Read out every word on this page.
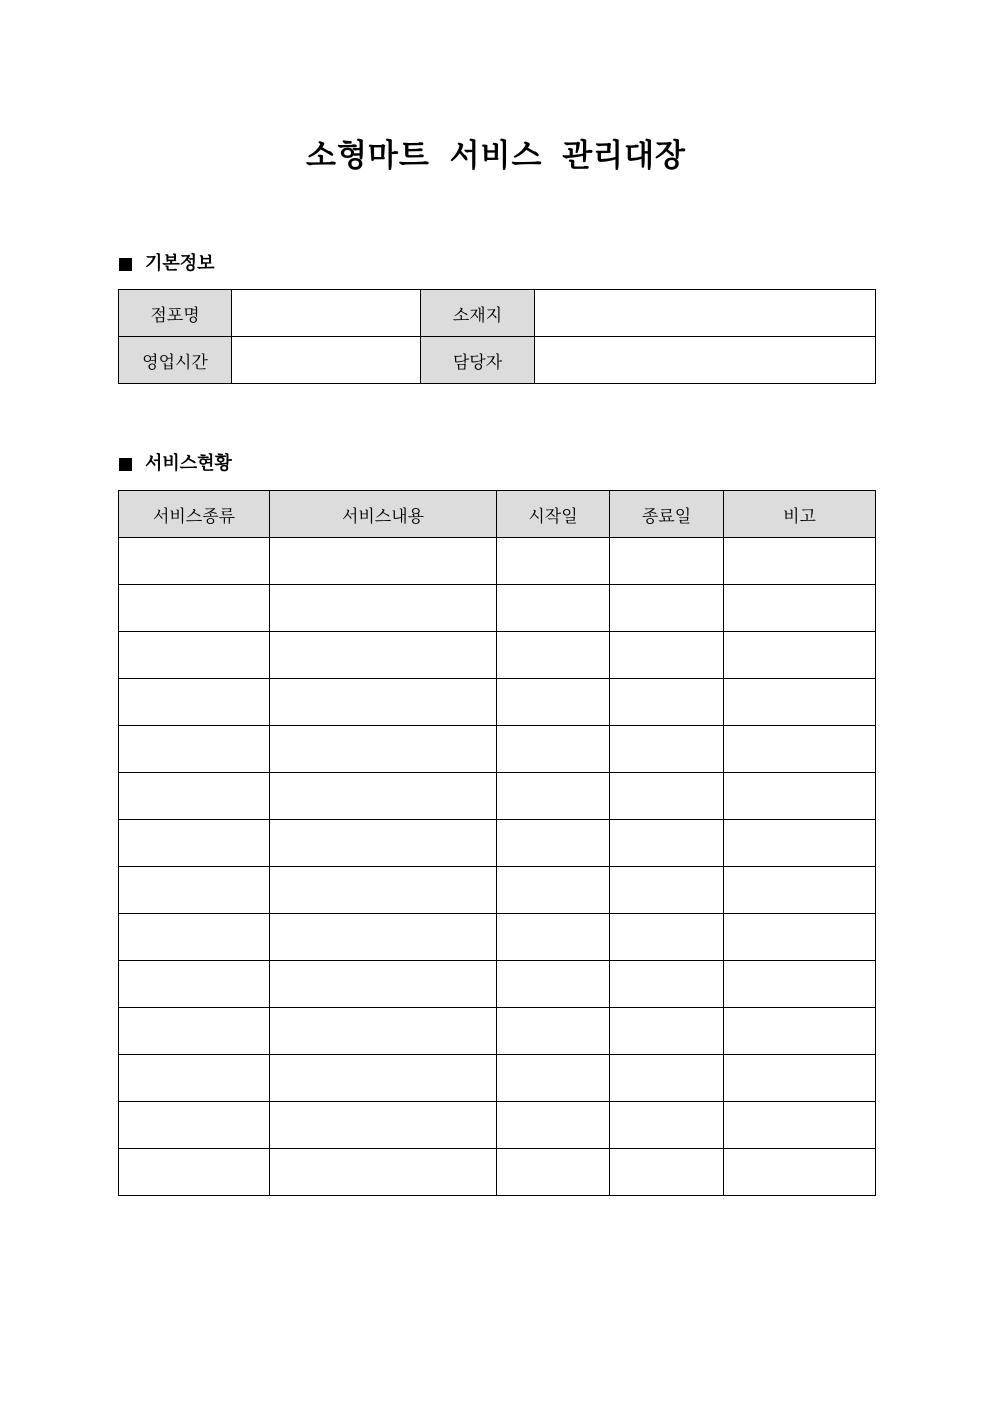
소형마트 서비스 관리대장
기본정보
점포명		소재지	
영업시간		담당자	
서비스현황
서비스종류	서비스내용	시작일	종료일	비고
